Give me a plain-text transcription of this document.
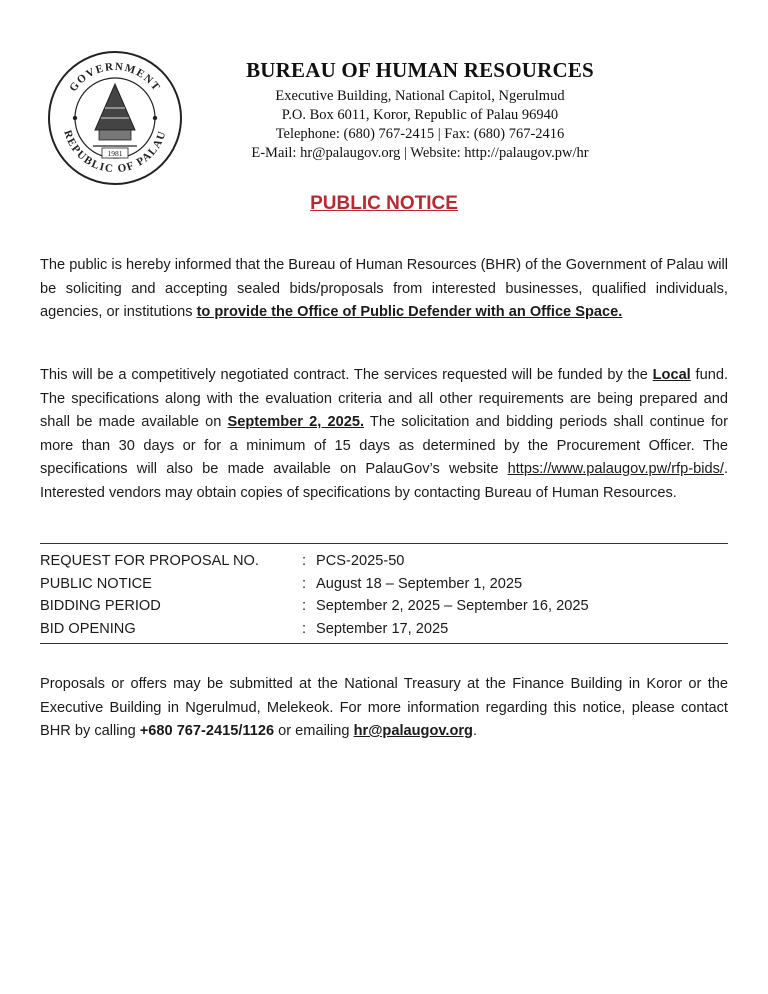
GOVERNMENT
REPUBLIC OF PALAU
1981
BUREAU OF HUMAN RESOURCES
Executive Building, National Capitol, Ngerulmud
P.O. Box 6011, Koror, Republic of Palau 96940
Telephone: (680) 767-2415 | Fax: (680) 767-2416
E-Mail: hr@palaugov.org | Website: http://palaugov.pw/hr
PUBLIC NOTICE
The public is hereby informed that the Bureau of Human Resources (BHR) of the Government of Palau will be soliciting and accepting sealed bids/proposals from interested businesses, qualified individuals, agencies, or institutions to provide the Office of Public Defender with an Office Space.
This will be a competitively negotiated contract. The services requested will be funded by the Local fund. The specifications along with the evaluation criteria and all other requirements are being prepared and shall be made available on September 2, 2025. The solicitation and bidding periods shall continue for more than 30 days or for a minimum of 15 days as determined by the Procurement Officer. The specifications will also be made available on PalauGov’s website https://www.palaugov.pw/rfp-bids/. Interested vendors may obtain copies of specifications by contacting Bureau of Human Resources.
REQUEST FOR PROPOSAL NO.	: PCS-2025-50
PUBLIC NOTICE	: August 18 – September 1, 2025
BIDDING PERIOD	: September 2, 2025 – September 16, 2025
BID OPENING	: September 17, 2025
Proposals or offers may be submitted at the National Treasury at the Finance Building in Koror or the Executive Building in Ngerulmud, Melekeok. For more information regarding this notice, please contact BHR by calling +680 767-2415/1126 or emailing hr@palaugov.org.
